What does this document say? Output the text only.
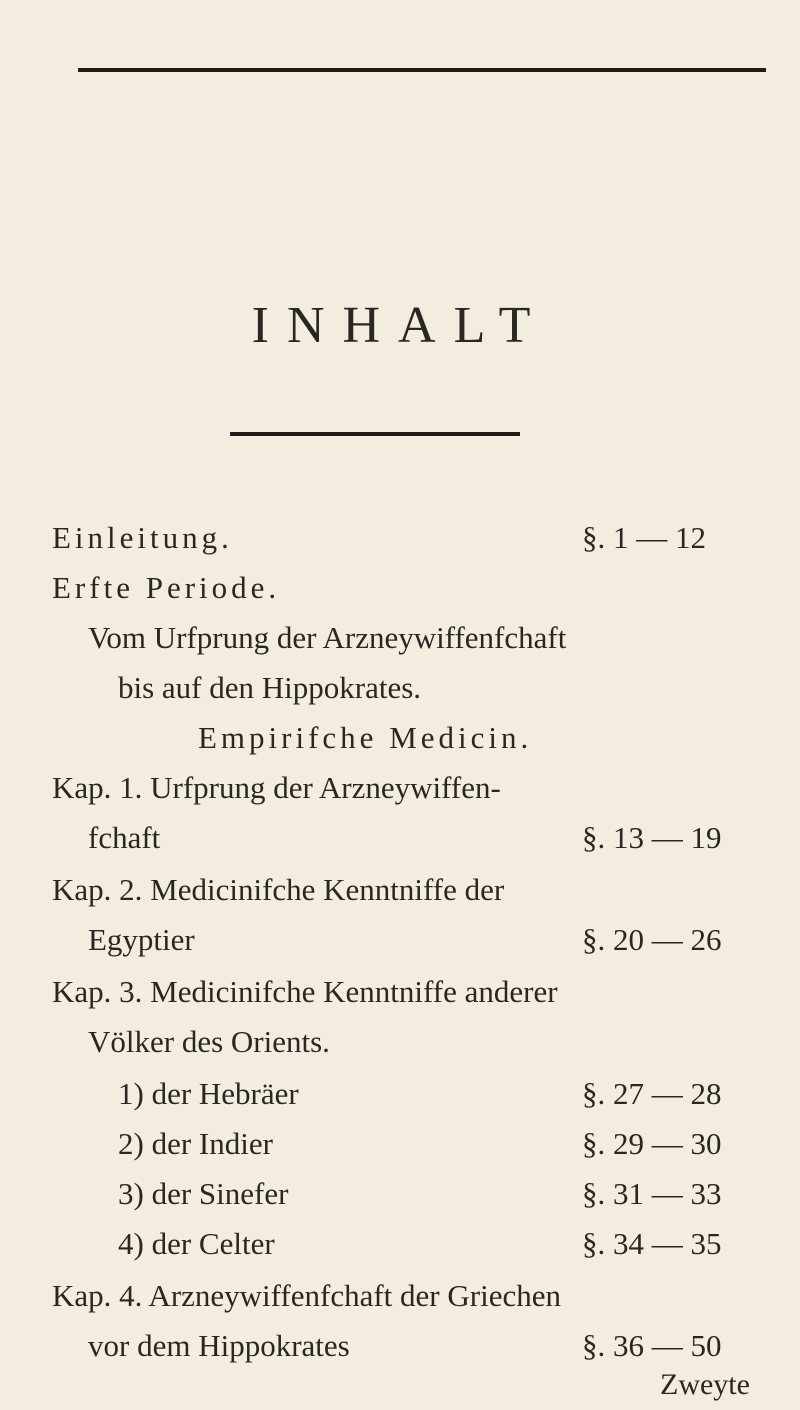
INHALT
Einleitung.	§. 1 — 12
Erfte Periode.
Vom Urfprung der Arzneywiffenfchaft
bis auf den Hippokrates.
Empirifche Medicin.
Kap. 1. Urfprung der Arzneywiffen-
fchaft	§. 13 — 19
Kap. 2. Medicinifche Kenntniffe der
Egyptier	§. 20 — 26
Kap. 3. Medicinifche Kenntniffe anderer
Völker des Orients.
1) der Hebräer	§. 27 — 28
2) der Indier	§. 29 — 30
3) der Sinefer	§. 31 — 33
4) der Celter	§. 34 — 35
Kap. 4. Arzneywiffenfchaft der Griechen
vor dem Hippokrates	§. 36 — 50
Zweyte
